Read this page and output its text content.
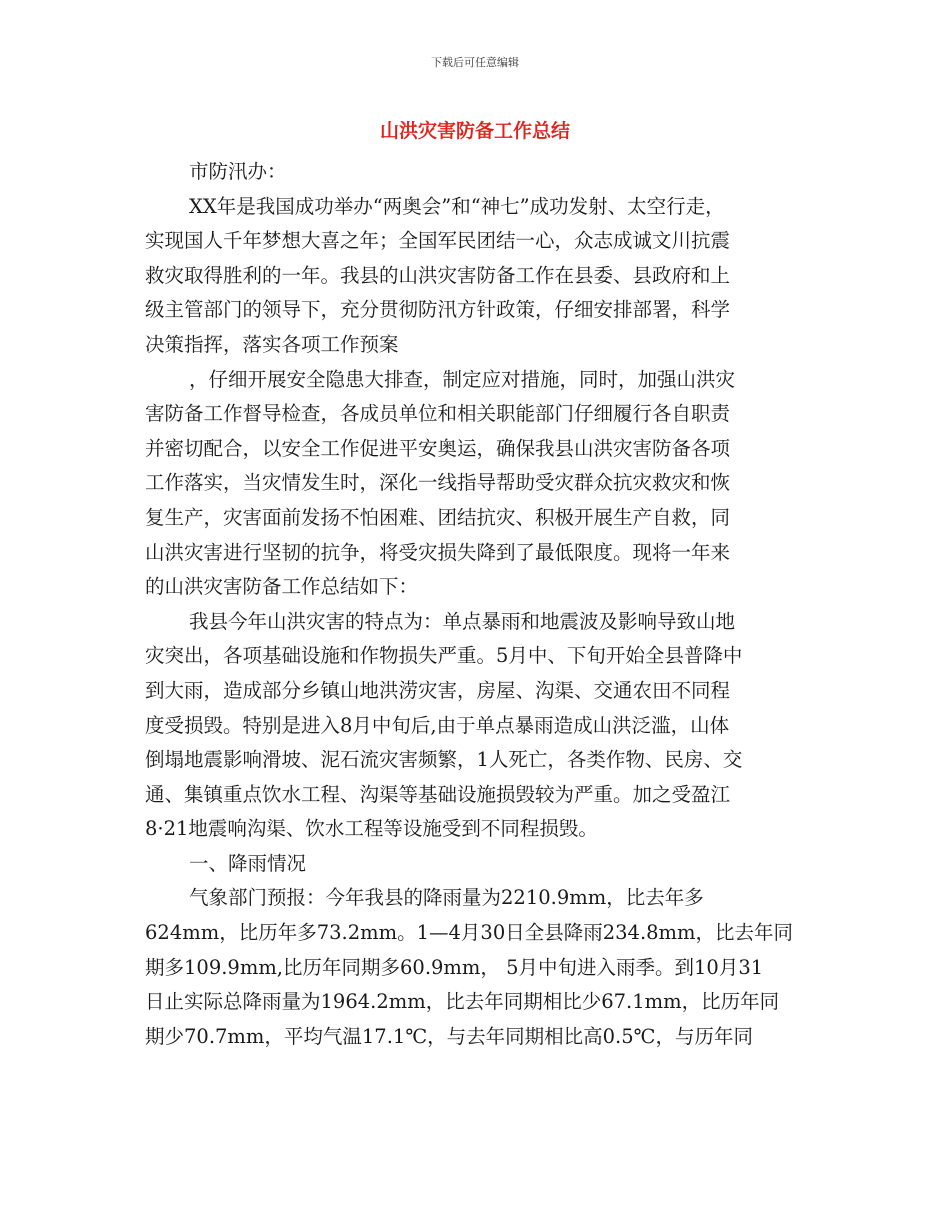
下载后可任意编辑
山洪灾害防备工作总结
市防汛办：
XX年是我国成功举办“两奥会”和“神七”成功发射、太空行走，
实现国人千年梦想大喜之年；全国军民团结一心，众志成诚文川抗震
救灾取得胜利的一年。我县的山洪灾害防备工作在县委、县政府和上
级主管部门的领导下，充分贯彻防汛方针政策，仔细安排部署，科学
决策指挥，落实各项工作预案
，仔细开展安全隐患大排查，制定应对措施，同时，加强山洪灾
害防备工作督导检查，各成员单位和相关职能部门仔细履行各自职责
并密切配合，以安全工作促进平安奥运，确保我县山洪灾害防备各项
工作落实，当灾情发生时，深化一线指导帮助受灾群众抗灾救灾和恢
复生产，灾害面前发扬不怕困难、团结抗灾、积极开展生产自救，同
山洪灾害进行坚韧的抗争，将受灾损失降到了最低限度。现将一年来
的山洪灾害防备工作总结如下：
我县今年山洪灾害的特点为：单点暴雨和地震波及影响导致山地
灾突出，各项基础设施和作物损失严重。5月中、下旬开始全县普降中
到大雨，造成部分乡镇山地洪涝灾害，房屋、沟渠、交通农田不同程
度受损毁。特别是进入8月中旬后,由于单点暴雨造成山洪泛滥，山体
倒塌地震影响滑坡、泥石流灾害频繁，1人死亡，各类作物、民房、交
通、集镇重点饮水工程、沟渠等基础设施损毁较为严重。加之受盈江
8·21地震响沟渠、饮水工程等设施受到不同程损毁。
一、降雨情况
气象部门预报：今年我县的降雨量为2210.9mm，比去年多
624mm，比历年多73.2mm。1—4月30日全县降雨234.8mm，比去年同
期多109.9mm,比历年同期多60.9mm， 5月中旬进入雨季。到10月31
日止实际总降雨量为1964.2mm，比去年同期相比少67.1mm，比历年同
期少70.7mm，平均气温17.1℃，与去年同期相比高0.5℃，与历年同
